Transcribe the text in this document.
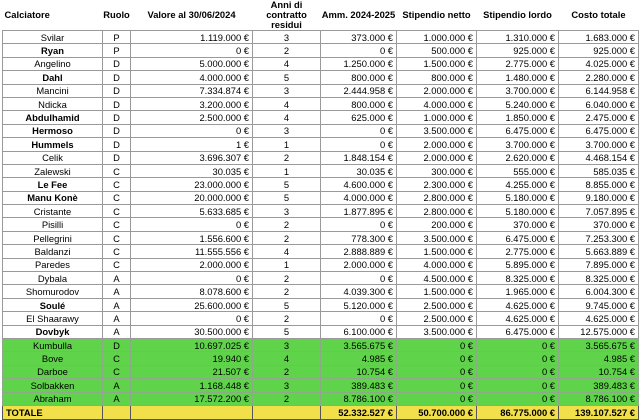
Calciatore	Ruolo	Valore al 30/06/2024	Anni di contratto residui	Amm. 2024-2025	Stipendio netto	Stipendio lordo	Costo totale
Svilar	P	1.119.000 €	3	373.000 €	1.000.000 €	1.310.000 €	1.683.000 €
Ryan	P	0 €	2	0 €	500.000 €	925.000 €	925.000 €
Angelino	D	5.000.000 €	4	1.250.000 €	1.500.000 €	2.775.000 €	4.025.000 €
Dahl	D	4.000.000 €	5	800.000 €	800.000 €	1.480.000 €	2.280.000 €
Mancini	D	7.334.874 €	3	2.444.958 €	2.000.000 €	3.700.000 €	6.144.958 €
Ndicka	D	3.200.000 €	4	800.000 €	4.000.000 €	5.240.000 €	6.040.000 €
Abdulhamid	D	2.500.000 €	4	625.000 €	1.000.000 €	1.850.000 €	2.475.000 €
Hermoso	D	0 €	3	0 €	3.500.000 €	6.475.000 €	6.475.000 €
Hummels	D	1 €	1	0 €	2.000.000 €	3.700.000 €	3.700.000 €
Celik	D	3.696.307 €	2	1.848.154 €	2.000.000 €	2.620.000 €	4.468.154 €
Zalewski	C	30.035 €	1	30.035 €	300.000 €	555.000 €	585.035 €
Le Fee	C	23.000.000 €	5	4.600.000 €	2.300.000 €	4.255.000 €	8.855.000 €
Manu Konè	C	20.000.000 €	5	4.000.000 €	2.800.000 €	5.180.000 €	9.180.000 €
Cristante	C	5.633.685 €	3	1.877.895 €	2.800.000 €	5.180.000 €	7.057.895 €
Pisilli	C	0 €	2	0 €	200.000 €	370.000 €	370.000 €
Pellegrini	C	1.556.600 €	2	778.300 €	3.500.000 €	6.475.000 €	7.253.300 €
Baldanzi	C	11.555.556 €	4	2.888.889 €	1.500.000 €	2.775.000 €	5.663.889 €
Paredes	C	2.000.000 €	1	2.000.000 €	4.000.000 €	5.895.000 €	7.895.000 €
Dybala	A	0 €	2	0 €	4.500.000 €	8.325.000 €	8.325.000 €
Shomurodov	A	8.078.600 €	2	4.039.300 €	1.500.000 €	1.965.000 €	6.004.300 €
Soulé	A	25.600.000 €	5	5.120.000 €	2.500.000 €	4.625.000 €	9.745.000 €
El Shaarawy	A	0 €	2	0 €	2.500.000 €	4.625.000 €	4.625.000 €
Dovbyk	A	30.500.000 €	5	6.100.000 €	3.500.000 €	6.475.000 €	12.575.000 €
Kumbulla	D	10.697.025 €	3	3.565.675 €	0 €	0 €	3.565.675 €
Bove	C	19.940 €	4	4.985 €	0 €	0 €	4.985 €
Darboe	C	21.507 €	2	10.754 €	0 €	0 €	10.754 €
Solbakken	A	1.168.448 €	3	389.483 €	0 €	0 €	389.483 €
Abraham	A	17.572.200 €	2	8.786.100 €	0 €	0 €	8.786.100 €
TOTALE				52.332.527 €	50.700.000 €	86.775.000 €	139.107.527 €
